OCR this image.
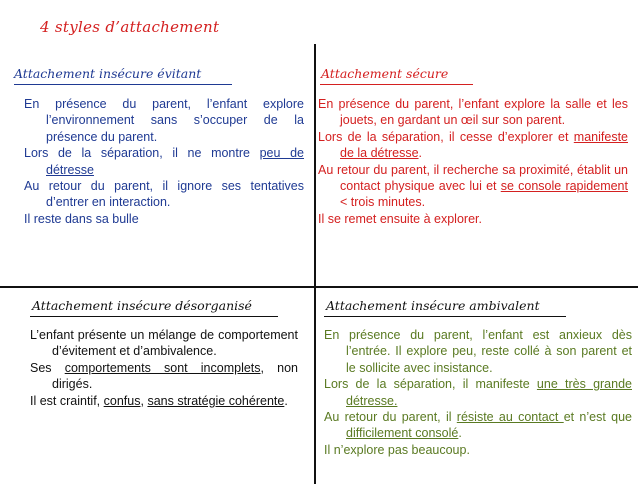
4 styles d’attachement
Attachement insécure évitant

En présence du parent, l’enfant explore l’environnement sans s’occuper de la présence du parent.

Lors de la séparation, il ne montre peu de détresse

Au retour du parent, il ignore ses tentatives d’entrer en interaction.

Il reste dans sa bulle

Attachement sécure

En présence du parent, l’enfant explore la salle et les jouets, en gardant un œil sur son parent.

Lors de la séparation, il cesse d’explorer et manifeste de la détresse.

Au retour du parent, il recherche sa proximité, établit un contact physique avec lui et se console rapidement < trois minutes.

Il se remet ensuite à explorer.

Attachement insécure désorganisé

L’enfant présente un mélange de comportement d’évitement et d’ambivalence.

Ses comportements sont incomplets, non dirigés.

Il est craintif, confus, sans stratégie cohérente.

Attachement insécure ambivalent

En présence du parent, l’enfant est anxieux dès l’entrée. Il explore peu, reste collé à son parent et le sollicite avec insistance.

Lors de la séparation, il manifeste une très grande détresse.

Au retour du parent, il résiste au contact et n’est que difficilement consolé.

Il n’explore pas beaucoup.
